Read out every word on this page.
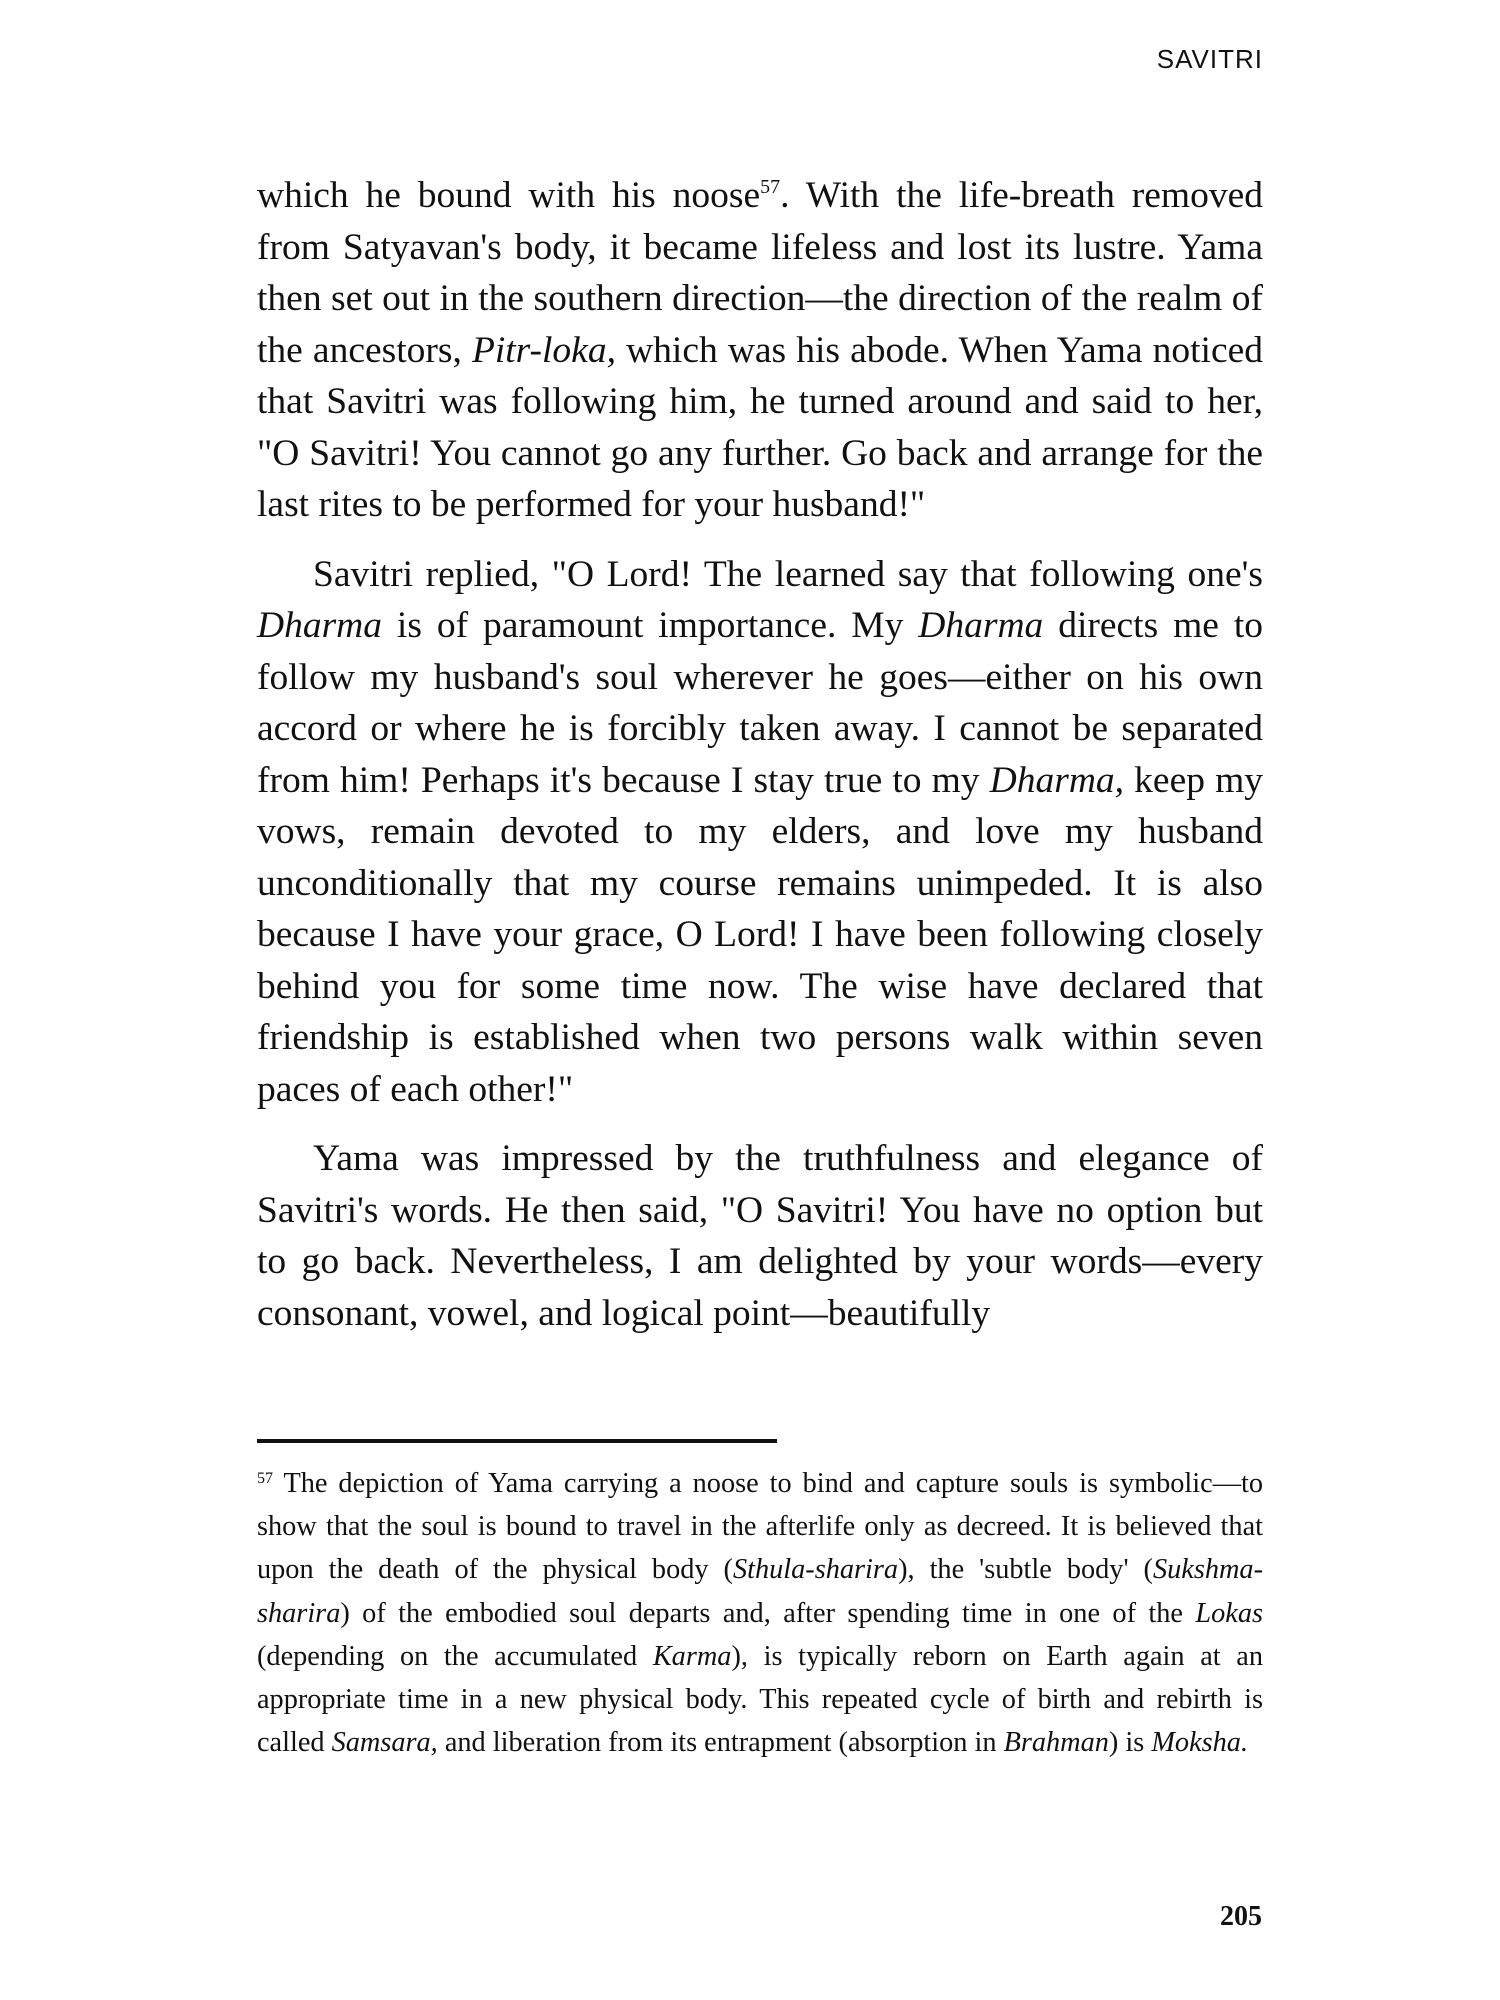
SAVITRI

which he bound with his noose$^{57}$. With the life-breath removed from Satyavan's body, it became lifeless and lost its lustre. Yama then set out in the southern direction—the direction of the realm of the ancestors, Pitr-loka, which was his abode. When Yama noticed that Savitri was following him, he turned around and said to her, "O Savitri! You cannot go any further. Go back and arrange for the last rites to be performed for your husband!"

Savitri replied, "O Lord! The learned say that following one's Dharma is of paramount importance. My Dharma directs me to follow my husband's soul wherever he goes—either on his own accord or where he is forcibly taken away. I cannot be separated from him! Perhaps it's because I stay true to my Dharma, keep my vows, remain devoted to my elders, and love my husband unconditionally that my course remains unimpeded. It is also because I have your grace, O Lord! I have been following closely behind you for some time now. The wise have declared that friendship is established when two persons walk within seven paces of each other!"

Yama was impressed by the truthfulness and elegance of Savitri's words. He then said, "O Savitri! You have no option but to go back. Nevertheless, I am delighted by your words—every consonant, vowel, and logical point—beautifully

$^{57}$ The depiction of Yama carrying a noose to bind and capture souls is symbolic—to show that the soul is bound to travel in the afterlife only as decreed. It is believed that upon the death of the physical body (Sthula-sharira), the 'subtle body' (Sukshma-sharira) of the embodied soul departs and, after spending time in one of the Lokas (depending on the accumulated Karma), is typically reborn on Earth again at an appropriate time in a new physical body. This repeated cycle of birth and rebirth is called Samsara, and liberation from its entrapment (absorption in Brahman) is Moksha.

205
